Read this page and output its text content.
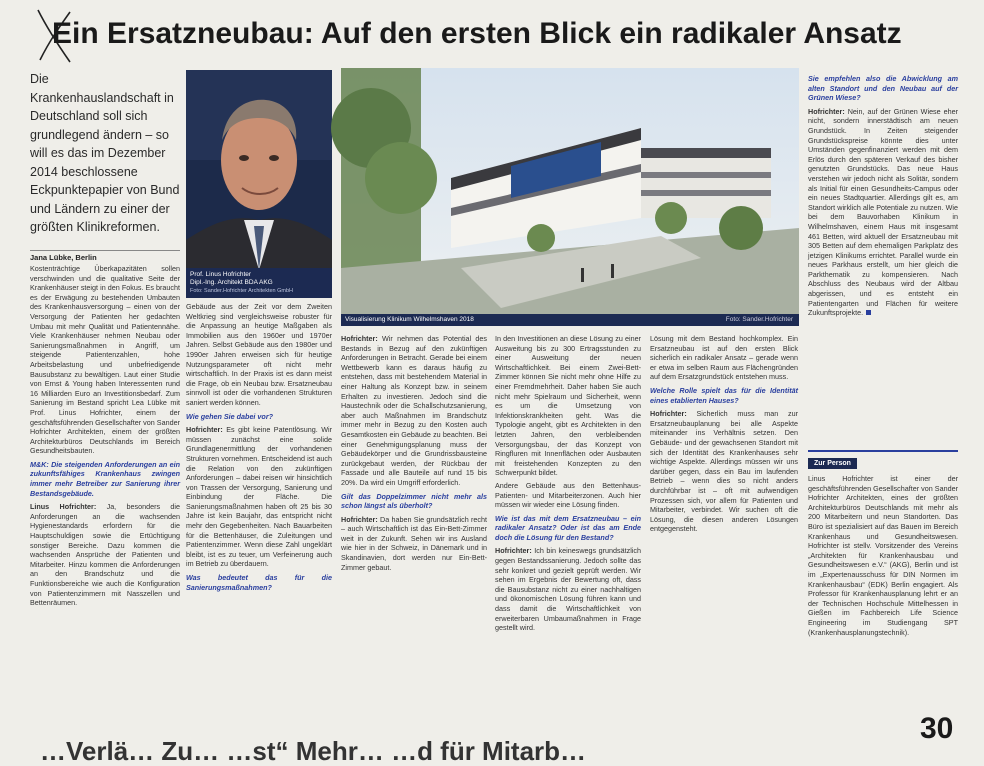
Ein Ersatzneubau: Auf den ersten Blick ein radikaler Ansatz
Die Krankenhauslandschaft in Deutschland soll sich grundlegend ändern – so will es das im Dezember 2014 beschlossene Eckpunktepapier von Bund und Ländern zu einer der größten Klinikreformen.
Jana Lübke, Berlin

Kostenträchtige Überkapazitäten sollen verschwinden und die qualitative Seite der Krankenhäuser steigt in den Fokus. Es braucht es der Erwägung zu bestehenden Umbauten des Krankenhausversorgung – einen von der Versorgung der Patienten her gedachten Umbau mit mehr Qualität und Patientennähe. Viele Krankenhäuser nehmen Neubau oder Sanierungsmaßnahmen in Angriff, um steigende Patientenzahlen, hohe Arbeitsbelastung und unbefriedigende Bausubstanz zu bewältigen. Laut einer Studie von Ernst & Young haben Interessenten rund 16 Milliarden Euro an Investitionsbedarf. Zum Sanierung im Bestand spricht Lea Lübke mit Prof. Linus Hofrichter, einem der geschäftsführenden Gesellschafter von Sander Hofrichter Architekten, einem der größten Architekturbüros Deutschlands im Bereich Gesundheitsbauten.

M&K: Die steigenden Anforderungen an ein zukunftsfähiges Krankenhaus zwingen immer mehr Betreiber zur Sanierung ihrer Bestandsgebäude.

Linus Hofrichter: Ja, besonders die Anforderungen an die wachsenden Hygienestandards erfordern für die Hauptschuldigen sowie die Ertüchtigung sonstiger Bereiche. Dazu kommen die wachsenden Ansprüche der Patienten und Mitarbeiter. Hinzu kommen die Anforderungen an den Brandschutz und die Funktionsbereiche wie auch die Konfiguration von Patientenzimmern mit Nasszellen und Bettenräumen.

Prof. Linus Hofrichter
Dipl.-Ing. Architekt BDA AKG
Foto: Sander.Hofrichter Architekten GmbH

Gebäude aus der Zeit vor dem Zweiten Weltkrieg sind vergleichsweise robuster für die Anpassung an heutige Maßgaben als Immobilien aus den 1960er und 1970er Jahren. Selbst Gebäude aus den 1980er und 1990er Jahren erweisen sich für heutige Nutzungsparameter oft nicht mehr wirtschaftlich. In der Praxis ist es dann meist die Frage, ob ein Neubau bzw. Ersatzneubau sinnvoll ist oder die vorhandenen Strukturen saniert werden können.

Wie gehen Sie dabei vor?

Hofrichter: Es gibt keine Patentlösung. Wir müssen zunächst eine solide Grundlagenermittlung der vorhandenen Strukturen vornehmen. Entscheidend ist auch die Relation von den zukünftigen Anforderungen – dabei reisen wir hinsichtlich von Trassen der Versorgung, Sanierung und Einbindung der Fläche. Die Sanierungsmaßnahmen haben oft 25 bis 30 Jahre ist kein Baujahr, das entspricht nicht mehr den Gegebenheiten. Nach Bauarbeiten für die Bettenhäuser, die Zuleitungen und Patientenzimmer. Wenn diese Zahl ungeklärt bleibt, ist es zu teuer, um Verfeinerung auch im Betrieb zu überdauern.

Was bedeutet das für die Sanierungsmaßnahmen?

Visualisierung Klinikum Wilhelmshaven 2018	Foto: Sander.Hofrichter

Hofrichter: Wir nehmen das Potential des Bestands in Bezug auf den zukünftigen Anforderungen in Betracht. Gerade bei einem Wettbewerb kann es daraus häufig zu entstehen, dass mit bestehendem Material in einer Haltung als Konzept bzw. in seinem Erhalten zu investieren. Jedoch sind die Haustechnik oder die Schallschutzsanierung, aber auch Maßnahmen im Brandschutz immer mehr in Bezug zu den Kosten auch Gesamtkosten ein Gebäude zu beachten. Bei einer Genehmigungsplanung muss der Gebäudekörper und die Grundrissbausteine zurückgebaut werden, der Rückbau der Fassade und alle Bauteile auf rund 15 bis 20%. Da wird ein Umgriff erforderlich.

Gilt das Doppelzimmer nicht mehr als schon längst als überholt?

Hofrichter: Da haben Sie grundsätzlich recht – auch Wirtschaftlich ist das Ein-Bett-Zimmer weit in der Zukunft. Sehen wir ins Ausland wie hier in der Schweiz, in Dänemark und in Skandinavien, dort werden nur Ein-Bett-Zimmer gebaut.

In den Investitionen an diese Lösung zu einer Ausweitung bis zu 300 Ertragsstunden zu einer Ausweitung der neuen Wirtschaftlichkeit. Bei einem Zwei-Bett-Zimmer können Sie nicht mehr ohne Hilfe zu einer Fremdmehrheit. Daher haben Sie auch nicht mehr Spielraum und Sicherheit, wenn es um die Umsetzung von Infektionskrankheiten geht. Was die Typologie angeht, gibt es Architekten in den letzten Jahren, den verbleibenden Versorgungsbau, der das Konzept von Ringfluren mit Innenflächen oder Ausbauten mit freistehenden Konzepten zu den Schwerpunkt bildet.

Andere Gebäude aus den Bettenhaus-Patienten- und Mitarbeiterzonen. Auch hier müssen wir wieder eine Lösung finden.

Wie ist das mit dem Ersatzneubau – ein radikaler Ansatz? Oder ist das am Ende doch die Lösung für den Bestand?

Hofrichter: Ich bin keineswegs grundsätzlich gegen Bestandssanierung. Jedoch sollte das sehr konkret und gezielt geprüft werden. Wir sehen im Ergebnis der Bewertung oft, dass die Bausubstanz nicht zu einer nachhaltigen und ökonomischen Lösung führen kann und dass damit die Wirtschaftlichkeit von erweiterbaren Umbaumaßnahmen in Frage gestellt wird.

Lösung mit dem Bestand hochkomplex. Ein Ersatzneubau ist auf den ersten Blick sicherlich ein radikaler Ansatz – gerade wenn er etwa im selben Raum aus Flächengründen auf dem Ersatzgrundstück entstehen muss.

Welche Rolle spielt das für die Identität eines etablierten Hauses?

Hofrichter: Sicherlich muss man zur Ersatzneubauplanung bei alle Aspekte miteinander ins Verhältnis setzen. Den Gebäude- und der gewachsenen Standort mit sich der Identität des Krankenhauses sehr wichtige Aspekte. Allerdings müssen wir uns darüber gegen, dass ein Bau im laufenden Betrieb – wenn dies so nicht anders durchführbar ist – oft mit aufwendigen Prozessen sich, vor allem für Patienten und Mitarbeiter, verbindet. Wir suchen oft die Lösung, die diesen anderen Lösungen entgegensteht.

Sie empfehlen also die Abwicklung am alten Standort und den Neubau auf der Grünen Wiese?

Hofrichter: Nein, auf der Grünen Wiese eher nicht, sondern innerstädtisch am neuen Grundstück. In Zeiten steigender Grundstückspreise könnte dies unter Umständen gegenfinanziert werden mit dem Erlös durch den späteren Verkauf des bisher genutzten Grundstücks. Das neue Haus verstehen wir jedoch nicht als Solitär, sondern als Initial für einen Gesundheits-Campus oder ein neues Stadtquartier. Allerdings gilt es, am Standort wirklich alle Potentiale zu nutzen. Wie bei dem Bauvorhaben Klinikum in Wilhelmshaven, einem Haus mit insgesamt 461 Betten, wird aktuell der Ersatzneubau mit 305 Betten auf dem ehemaligen Parkplatz des jetzigen Klinikums errichtet. Parallel wurde ein neues Parkhaus erstellt, um hier gleich die Parkthematik zu kompensieren. Nach Abschluss des Neubaus wird der Altbau abgerissen, und es entsteht ein Patientengarten und Flächen für weitere Zukunftsprojekte.

Zur Person
Linus Hofrichter ist einer der geschäftsführenden Gesellschafter von Sander Hofrichter Architekten, eines der größten Architekturbüros Deutschlands mit mehr als 200 Mitarbeitern und neun Standorten. Das Büro ist spezialisiert auf das Bauen im Bereich Krankenhaus und Gesundheitswesen. Hofrichter ist stellv. Vorsitzender des Vereins „Architekten für Krankenhausbau und Gesundheitswesen e.V.“ (AKG), Berlin und ist im „Expertenausschuss für DIN Normen im Krankenhausbau“ (EDK) Berlin engagiert. Als Professor für Krankenhausplanung lehrt er an der Technischen Hochschule Mittelhessen in Gießen im Fachbereich Life Science Engineering im Studiengang SPT (Krankenhausplanungstechnik).
30
…Verlä… Zu… …st“ Mehr… …d für Mitarb…
